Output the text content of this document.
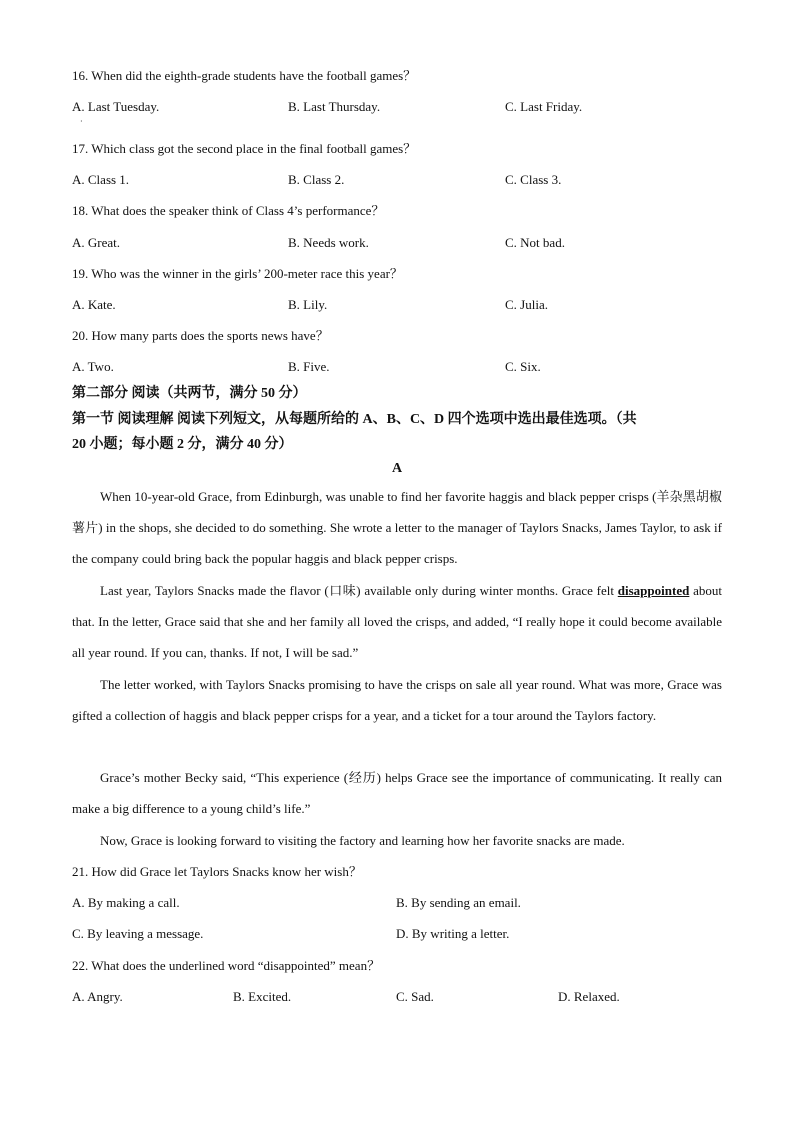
16. When did the eighth-grade students have the football games？
A. Last Tuesday.	B. Last Thursday.	C. Last Friday.
·
17. Which class got the second place in the final football games？
A. Class 1.	B. Class 2.	C. Class 3.
18. What does the speaker think of Class 4’s performance？
A. Great.	B. Needs work.	C. Not bad.
19. Who was the winner in the girls’ 200-meter race this year？
A. Kate.	B. Lily.	C. Julia.
20. How many parts does the sports news have？
A. Two.	B. Five.	C. Six.
第二部分 阅读（共两节，满分 50 分）
第一节 阅读理解 阅读下列短文，从每题所给的 A、B、C、D 四个选项中选出最佳选项。（共
20 小题；每小题 2 分，满分 40 分）
A

When 10-year-old Grace, from Edinburgh, was unable to find her favorite haggis and black pepper crisps (羊杂黑胡椒薯片) in the shops, she decided to do something. She wrote a letter to the manager of Taylors Snacks, James Taylor, to ask if the company could bring back the popular haggis and black pepper crisps.

Last year, Taylors Snacks made the flavor (口味) available only during winter months. Grace felt disappointed about that. In the letter, Grace said that she and her family all loved the crisps, and added, “I really hope it could become available all year round. If you can, thanks. If not, I will be sad.”

The letter worked, with Taylors Snacks promising to have the crisps on sale all year round. What was more, Grace was gifted a collection of haggis and black pepper crisps for a year, and a ticket for a tour around the Taylors factory.

Grace’s mother Becky said, “This experience (经历) helps Grace see the importance of communicating. It really can make a big difference to a young child’s life.”

Now, Grace is looking forward to visiting the factory and learning how her favorite snacks are made.

21. How did Grace let Taylors Snacks know her wish？
A. By making a call.	B. By sending an email.
C. By leaving a message.	D. By writing a letter.
22. What does the underlined word “disappointed” mean？
A. Angry.	B. Excited.	C. Sad.	D. Relaxed.
